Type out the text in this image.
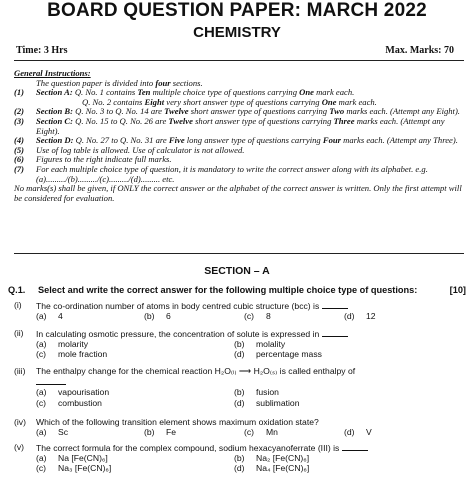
BOARD QUESTION PAPER: MARCH 2022
CHEMISTRY
Time: 3 Hrs	Max. Marks: 70
General Instructions:
The question paper is divided into four sections.
(1)	Section A: Q. No. 1 contains Ten multiple choice type of questions carrying One mark each.
Q. No. 2 contains Eight very short answer type of questions carrying One mark each.
(2)	Section B: Q. No. 3 to Q. No. 14 are Twelve short answer type of questions carrying Two marks each. (Attempt any Eight).
(3)	Section C: Q. No. 15 to Q. No. 26 are Twelve short answer type of questions carrying Three marks each. (Attempt any Eight).
(4)	Section D: Q. No. 27 to Q. No. 31 are Five long answer type of questions carrying Four marks each. (Attempt any Three).
(5)	Use of log table is allowed. Use of calculator is not allowed.
(6)	Figures to the right indicate full marks.
(7)	For each multiple choice type of question, it is mandatory to write the correct answer along with its alphabet. e.g. (a)........./(b)........./(c)........./(d)......... etc.
No marks(s) shall be given, if ONLY the correct answer or the alphabet of the correct answer is written. Only the first attempt will be considered for evaluation.
SECTION – A
Q.1.	Select and write the correct answer for the following multiple choice type of questions:	[10]
(i)	The co-ordination number of atoms in body centred cubic structure (bcc) is
(a)	4	(b)	6	(c)	8	(d)	12
(ii)	In calculating osmotic pressure, the concentration of solute is expressed in
(a)	molarity	(b)	molality
(c)	mole fraction	(d)	percentage mass
(iii)	The enthalpy change for the chemical reaction H₂O₍ₗ₎ ⟶ H₂O₍ₛ₎ is called enthalpy of
(a)	vapourisation	(b)	fusion
(c)	combustion	(d)	sublimation
(iv)	Which of the following transition element shows maximum oxidation state?
(a)	Sc	(b)	Fe	(c)	Mn	(d)	V
(v)	The correct formula for the complex compound, sodium hexacyanoferrate (III) is
(a)	Na [Fe(CN)₆]	(b)	Na₂ [Fe(CN)₆]
(c)	Na₃ [Fe(CN)₆]	(d)	Na₄ [Fe(CN)₆]
